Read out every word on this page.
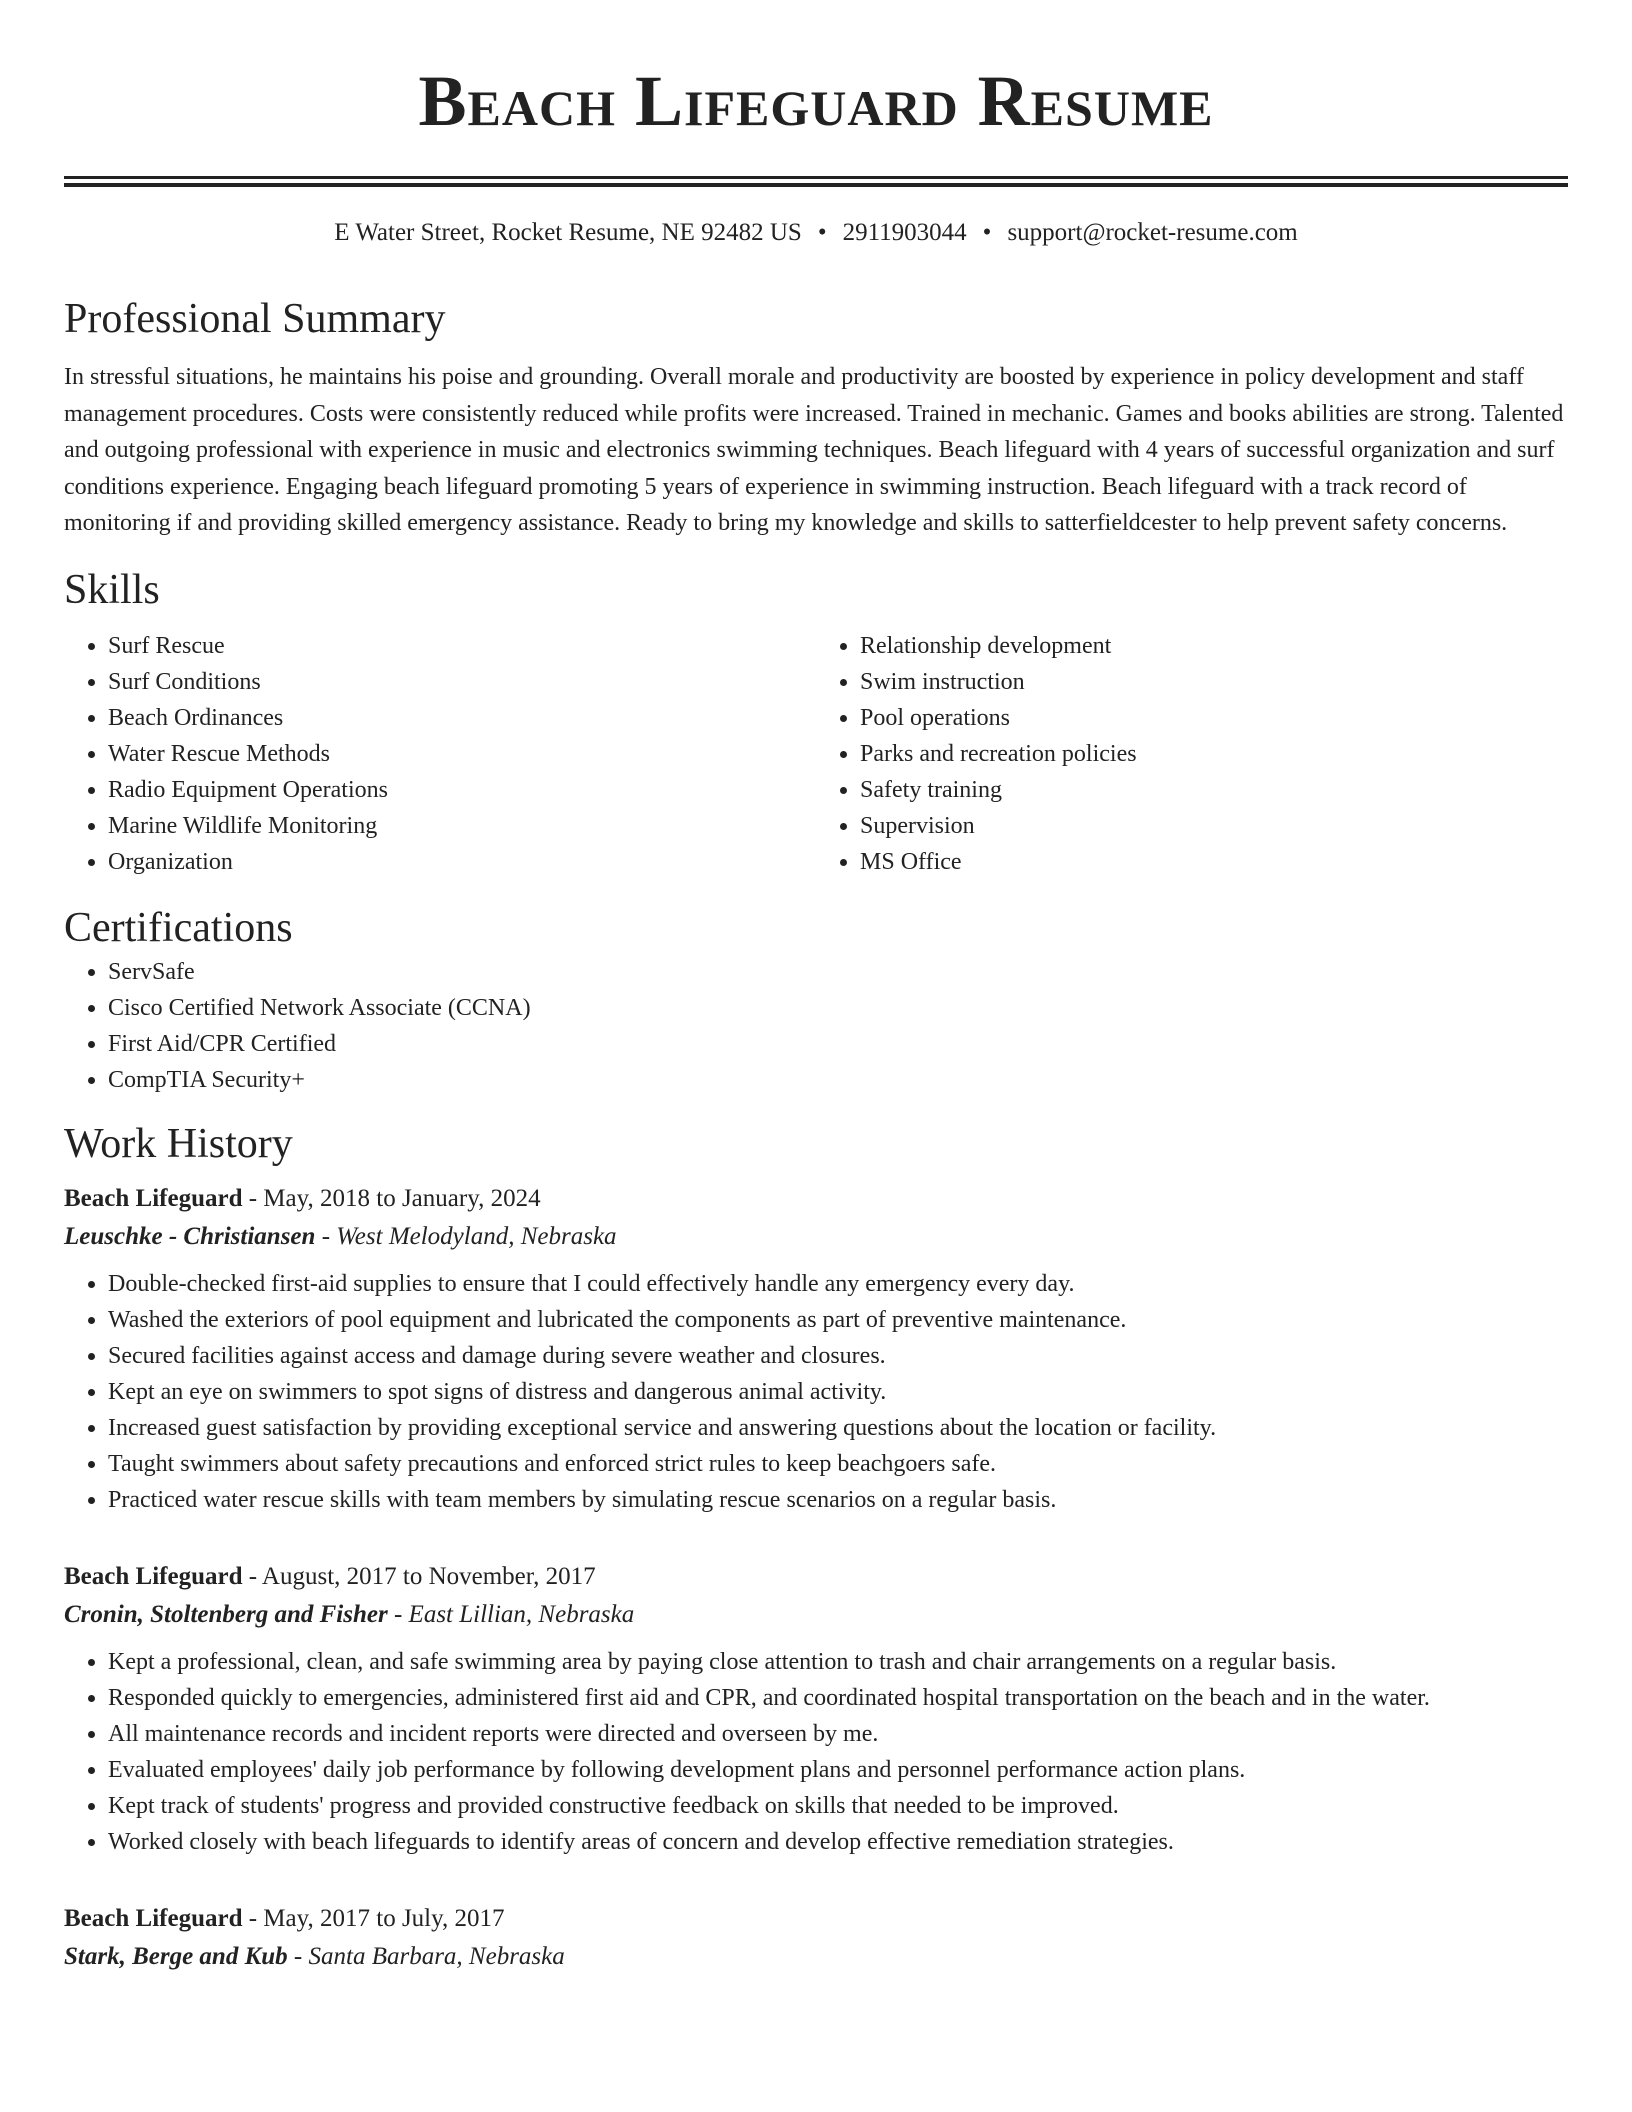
Beach Lifeguard Resume
E Water Street, Rocket Resume, NE 92482 US • 2911903044 • support@rocket-resume.com
Professional Summary

In stressful situations, he maintains his poise and grounding. Overall morale and productivity are boosted by experience in policy development and staff management procedures. Costs were consistently reduced while profits were increased. Trained in mechanic. Games and books abilities are strong. Talented and outgoing professional with experience in music and electronics swimming techniques. Beach lifeguard with 4 years of successful organization and surf conditions experience. Engaging beach lifeguard promoting 5 years of experience in swimming instruction. Beach lifeguard with a track record of monitoring if and providing skilled emergency assistance. Ready to bring my knowledge and skills to satterfieldcester to help prevent safety concerns.

Skills
• Surf Rescue
• Surf Conditions
• Beach Ordinances
• Water Rescue Methods
• Radio Equipment Operations
• Marine Wildlife Monitoring
• Organization
• Relationship development
• Swim instruction
• Pool operations
• Parks and recreation policies
• Safety training
• Supervision
• MS Office
Certifications
• ServSafe
• Cisco Certified Network Associate (CCNA)
• First Aid/CPR Certified
• CompTIA Security+
Work History
Beach Lifeguard - May, 2018 to January, 2024
Leuschke - Christiansen - West Melodyland, Nebraska
• Double-checked first-aid supplies to ensure that I could effectively handle any emergency every day.
• Washed the exteriors of pool equipment and lubricated the components as part of preventive maintenance.
• Secured facilities against access and damage during severe weather and closures.
• Kept an eye on swimmers to spot signs of distress and dangerous animal activity.
• Increased guest satisfaction by providing exceptional service and answering questions about the location or facility.
• Taught swimmers about safety precautions and enforced strict rules to keep beachgoers safe.
• Practiced water rescue skills with team members by simulating rescue scenarios on a regular basis.
Beach Lifeguard - August, 2017 to November, 2017
Cronin, Stoltenberg and Fisher - East Lillian, Nebraska
• Kept a professional, clean, and safe swimming area by paying close attention to trash and chair arrangements on a regular basis.
• Responded quickly to emergencies, administered first aid and CPR, and coordinated hospital transportation on the beach and in the water.
• All maintenance records and incident reports were directed and overseen by me.
• Evaluated employees' daily job performance by following development plans and personnel performance action plans.
• Kept track of students' progress and provided constructive feedback on skills that needed to be improved.
• Worked closely with beach lifeguards to identify areas of concern and develop effective remediation strategies.
Beach Lifeguard - May, 2017 to July, 2017
Stark, Berge and Kub - Santa Barbara, Nebraska
